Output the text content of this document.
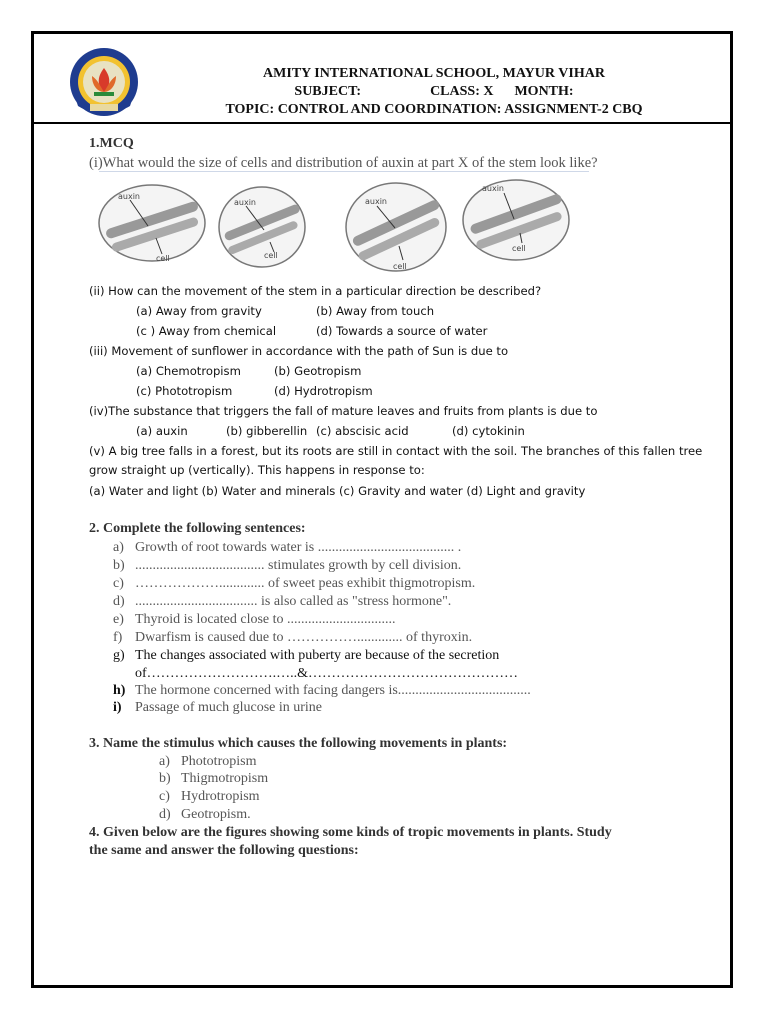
AMITY INTERNATIONAL SCHOOL, MAYUR VIHAR
SUBJECT:	CLASS: X MONTH:
TOPIC: CONTROL AND COORDINATION: ASSIGNMENT-2 CBQ
1.MCQ
(i)What would the size of cells and distribution of auxin at part X of the stem look like?
auxin
cell
auxin
cell
auxin
cell
auxin
cell
(ii) How can the movement of the stem in a particular direction be described?
(a) Away from gravity	(b) Away from touch
(c ) Away from chemical	(d) Towards a source of water
(iii) Movement of sunflower in accordance with the path of Sun is due to
(a) Chemotropism	(b) Geotropism
(c) Phototropism	(d) Hydrotropism
(iv)The substance that triggers the fall of mature leaves and fruits from plants is due to
(a) auxin	(b) gibberellin (c) abscisic acid	(d) cytokinin
(v) A big tree falls in a forest, but its roots are still in contact with the soil. The branches of this fallen tree
grow straight up (vertically). This happens in response to:
(a) Water and light (b) Water and minerals (c) Gravity and water (d) Light and gravity
2. Complete the following sentences:
a) Growth of root towards water is ....................................... .
b) ..................................... stimulates growth by cell division.
c) ………………............. of sweet peas exhibit thigmotropism.
d) ................................... is also called as "stress hormone".
e) Thyroid is located close to ...............................
f) Dwarfism is caused due to ……………............. of thyroxin.
g) The changes associated with puberty are because of the secretion
of……………………….…..&………………………………………
h) The hormone concerned with facing dangers is......................................
i) Passage of much glucose in urine
3. Name the stimulus which causes the following movements in plants:
a) Phototropism
b) Thigmotropism
c) Hydrotropism
d) Geotropism.
4. Given below are the figures showing some kinds of tropic movements in plants. Study
the same and answer the following questions:
